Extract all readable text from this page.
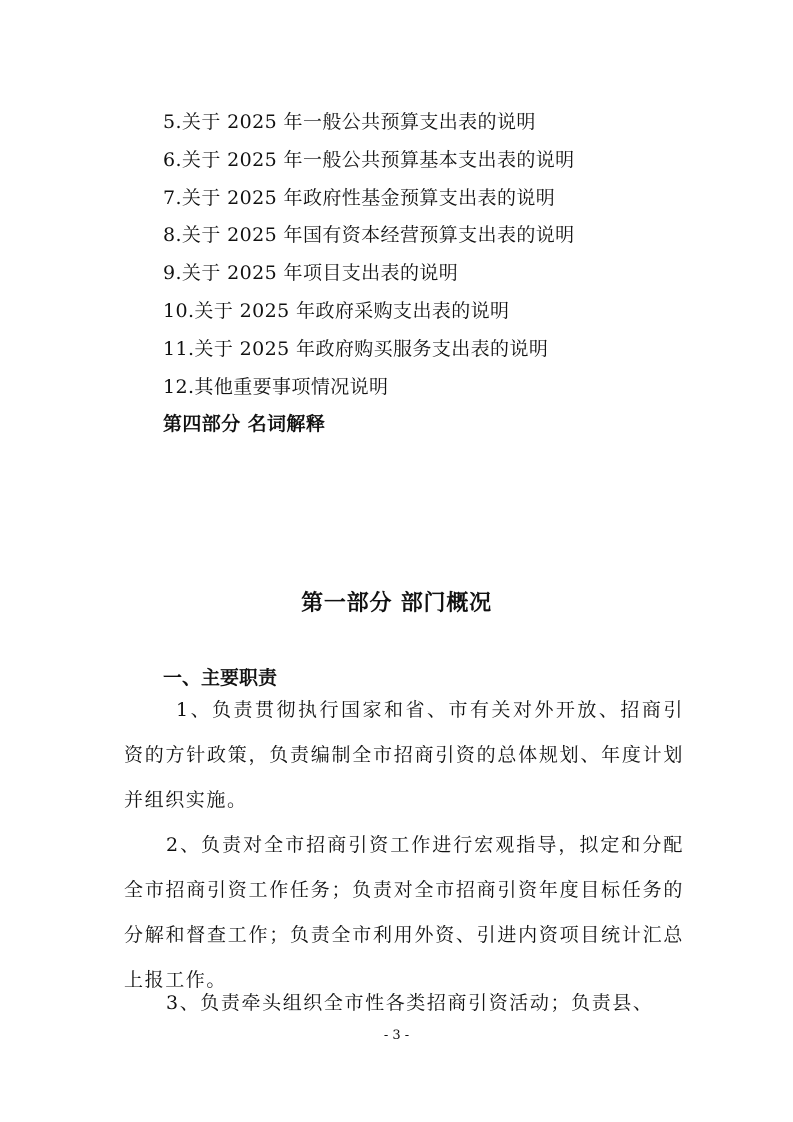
5.关于 2025 年一般公共预算支出表的说明
6.关于 2025 年一般公共预算基本支出表的说明
7.关于 2025 年政府性基金预算支出表的说明
8.关于 2025 年国有资本经营预算支出表的说明
9.关于 2025 年项目支出表的说明
10.关于 2025 年政府采购支出表的说明
11.关于 2025 年政府购买服务支出表的说明
12.其他重要事项情况说明
第四部分 名词解释
第一部分 部门概况
一、主要职责

1、负责贯彻执行国家和省、市有关对外开放、招商引资的方针政策，负责编制全市招商引资的总体规划、年度计划并组织实施。

2、负责对全市招商引资工作进行宏观指导，拟定和分配全市招商引资工作任务；负责对全市招商引资年度目标任务的分解和督查工作；负责全市利用外资、引进内资项目统计汇总上报工作。

3、负责牵头组织全市性各类招商引资活动；负责县、

- 3 -
